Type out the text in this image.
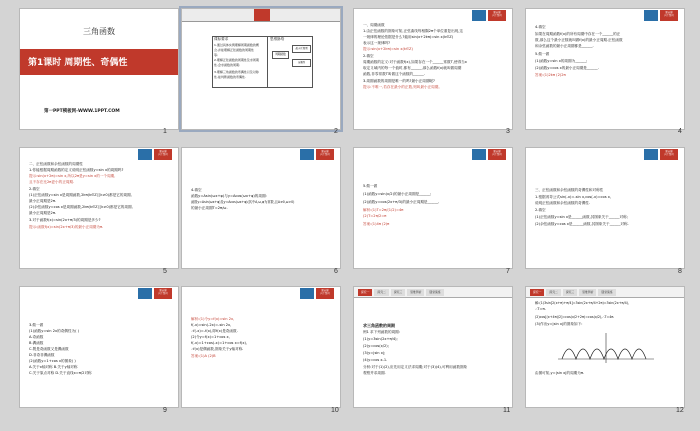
三角函数
第1课时 周期性、奇偶性
第一PPT模板网-WWW.1PPT.COM
1
课标要求	思维脉络
1.通过具体实例理解周期函数的概
念,并能理解正弦函数的周期性
等;
2.理解正弦函数的周期性及求周期
性,会求函数的周期;
3.理解三角函数的奇偶性以及对称
性,能判断函数的奇偶性.
周期函数
最小正周期
奇偶性
2
课前篇
自主预习
一、周期函数
1.由正弦函数的图象可知,正弦曲线每相隔2π个单位重复出现,这
一规律的理论依据是什么?能用sin(x+2kπ)=sin x(k∈Z)
表示这一规律吗?
提示:sin(x+2kπ)=sin x(k∈Z)
2.填空
周期函数的定义:对于函数f(x),如果存在一个______常数T,使得当x
取定义域内的每一个值时,都有______,那么函数f(x)就叫做周期
函数,非零常数T叫做这个函数的______.
3.周期函数的周期是唯一的吗?最小正周期呢?
提示:不唯一,若存在最小的正数,则叫最小正周期。
3
课前篇
自主预习
4.填空
如果在周期函数f(x)的所有周期中存在一个______的正
数,那么这个最小正数就叫做f(x)的最小正周期.正弦函数
和余弦函数的最小正周期都是______.
5.做一做
(1)函数y=sin x的周期为______;
(2)函数y=cos x的最小正周期是______.
答案:(1)2kπ (2)2π
4
课前篇
自主预习
二、正弦函数和余弦函数的周期性
1.你能根据周期函数的定义说明正弦函数y=sin x的周期吗?
提示:sin(x+2π)=sin x,所以2π是y=sin x的一个周期,
且不存在比2π更小的正周期.
2.填空
(1)正弦函数y=sin x是周期函数,2kπ(k∈Z且k≠0)都是它的周期,
最小正周期是2π.
(2)余弦函数y=cos x是周期函数,2kπ(k∈Z且k≠0)都是它的周期,
最小正周期是2π.
3.对于函数f(x)=sin(2x+π/3)的周期是多少?
提示:函数f(x)=sin(2x+π/3)的最小正周期为π.
5
课前篇
自主预习
4.填空
函数y=Asin(ωx+φ)与y=Acos(ωx+φ)的周期:
函数y=Asin(ωx+φ)及y=Acos(ωx+φ)(其中A,ω,φ为常数,且A≠0,ω>0)
的最小正周期T=2π/ω.
6
课前篇
自主预习
5.做一做
(1)函数y=sin(x/2)的最小正周期是______;
(2)函数y=cos(2x+π/3)的最小正周期是______.
解析:(1)T=2π/(1/2)=4π
(2)T=2π/2=π
答案:(1)4π (2)π
7
课前篇
自主预习
三、正弦函数和余弦函数的奇偶性和对称性
1.根据诱导公式sin(-x)=-sin x,cos(-x)=cos x,
说明正弦函数和余弦函数的奇偶性.
2.填空
(1)正弦函数y=sin x是______函数,其图象关于______对称;
(2)余弦函数y=cos x是______函数,其图象关于______对称.
8
课前篇
自主预习
3.做一做
(1)函数y=sin 2x的奇偶性为( )
A.奇函数
B.偶函数
C.既是奇函数又是偶函数
D.非奇非偶函数
(2)函数y=1+cos x的图象( )
A.关于x轴对称 B.关于y轴对称
C.关于原点对称 D.关于直线x=π/2对称
9
课前篇
自主预习
解析:(1)令y=f(x)=sin 2x,
f(-x)=sin(-2x)=-sin 2x,
∴f(-x)=-f(x),即f(x)是奇函数.
(2)令y=f(x)=1+cos x,
f(-x)=1+cos(-x)=1+cos x=f(x),
∴f(x)是偶函数,图象关于y轴对称.
答案:(1)A (2)B
10
探究一	探究二	探究三	思维辨析	随堂演练
求三角函数的周期
例1 求下列函数的周期:
(1)y=3sin(2x+π/4);
(2)y=cos(x/2);
(3)y=|sin x|;
(4)y=cos x-1.
分析:对于(1)(2),应先用定义法求周期;对于(3)(4),可利用函数图象
观察并求周期.
11
探究一	探究二	探究三	思维辨析	随堂演练
解:(1)3sin[2(x+π)+π/4]=3sin(2x+π/4+2π)=3sin(2x+π/4),
∴T=π.
(2)cos[(x+4π)/2]=cos(x/2+2π)=cos(x/2),∴T=4π.
(3)作出y=|sin x|的图象如下:
由图可知,y=|sin x|的周期为π.
12
